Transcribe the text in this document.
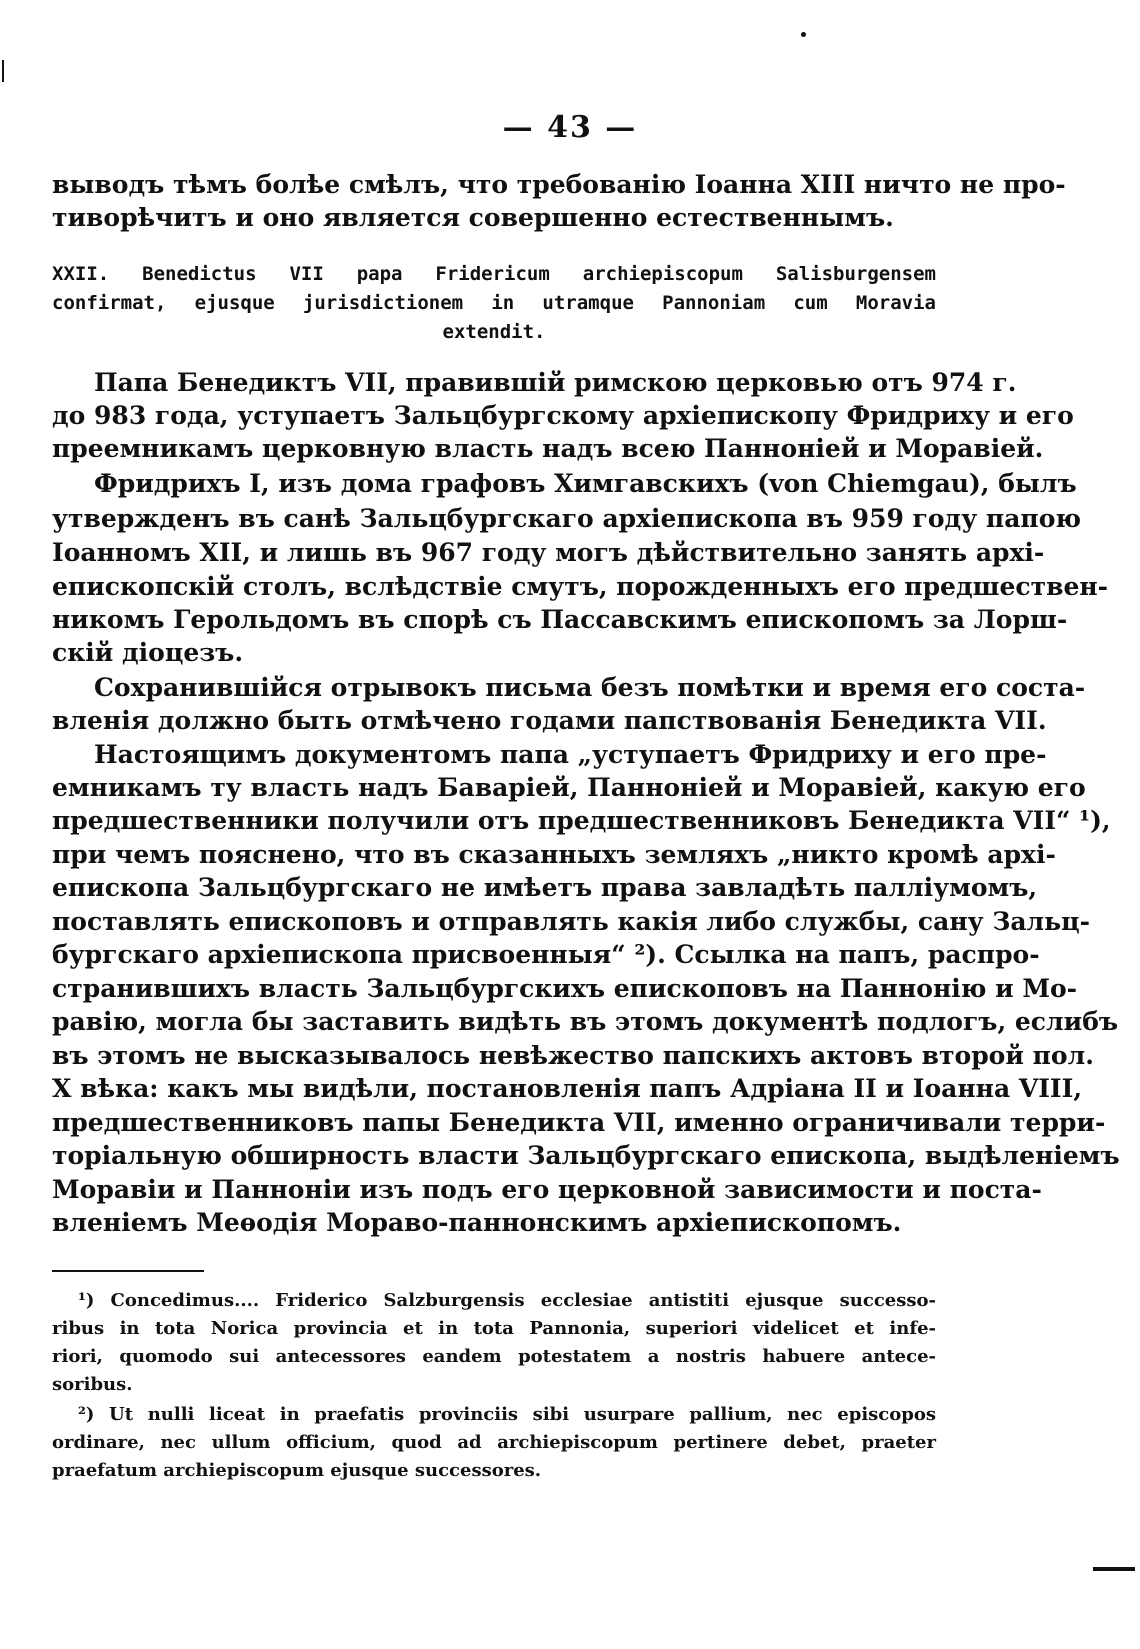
— 43 —
выводъ тѣмъ болѣе смѣлъ, что требованію Іоанна XIII ничто не про-
тиворѣчитъ и оно является совершенно естественнымъ.
XXII. Benedictus VII papa Fridericum archiepiscopum Salisburgensem
confirmat, ejusque jurisdictionem in utramque Pannoniam cum Moravia
extendit.
Папа Бенедиктъ VII, правившій римскою церковью отъ 974 г.
до 983 года, уступаетъ Зальцбургскому архіепископу Фридриху и его
преемникамъ церковную власть надъ всею Панноніей и Моравіей.
Фридрихъ I, изъ дома графовъ Химгавскихъ (von Chiemgau), былъ
утвержденъ въ санѣ Зальцбургскаго архіепископа въ 959 году папою
Іоанномъ XII, и лишь въ 967 году могъ дѣйствительно занять архі-
епископскій столъ, вслѣдствіе смутъ, порожденныхъ его предшествен-
никомъ Герольдомъ въ спорѣ съ Пассавскимъ епископомъ за Лорш-
скій діоцезъ.
Сохранившійся отрывокъ письма безъ помѣтки и время его соста-
вленія должно быть отмѣчено годами папствованія Бенедикта VII.
Настоящимъ документомъ папа „уступаетъ Фридриху и его пре-
емникамъ ту власть надъ Баваріей, Панноніей и Моравіей, какую его
предшественники получили отъ предшественниковъ Бенедикта VII“ ¹),
при чемъ пояснено, что въ сказанныхъ земляхъ „никто кромѣ архі-
епископа Зальцбургскаго не имѣетъ права завладѣть палліумомъ,
поставлять епископовъ и отправлять какія либо службы, сану Зальц-
бургскаго архіепископа присвоенныя“ ²). Ссылка на папъ, распро-
странившихъ власть Зальцбургскихъ епископовъ на Паннонію и Мо-
равію, могла бы заставить видѣть въ этомъ документѣ подлогъ, еслибъ
въ этомъ не высказывалось невѣжество папскихъ актовъ второй пол.
X вѣка: какъ мы видѣли, постановленія папъ Адріана II и Іоанна VIII,
предшественниковъ папы Бенедикта VII, именно ограничивали терри-
торіальную обширность власти Зальцбургскаго епископа, выдѣленіемъ
Моравіи и Панноніи изъ подъ его церковной зависимости и поста-
вленіемъ Меѳодія Моравo-паннонскимъ архіепископомъ.
¹) Concedimus.... Friderico Salzburgensis ecclesiae antistiti ejusque successo-
ribus in tota Norica provincia et in tota Pannonia, superiori videlicet et infe-
riori, quomodo sui antecessores eandem potestatem a nostris habuere antece-
soribus.
²) Ut nulli liceat in praefatis provinciis sibi usurpare pallium, nec episcopos
ordinare, nec ullum officium, quod ad archiepiscopum pertinere debet, praeter
praefatum archiepiscopum ejusque successores.
